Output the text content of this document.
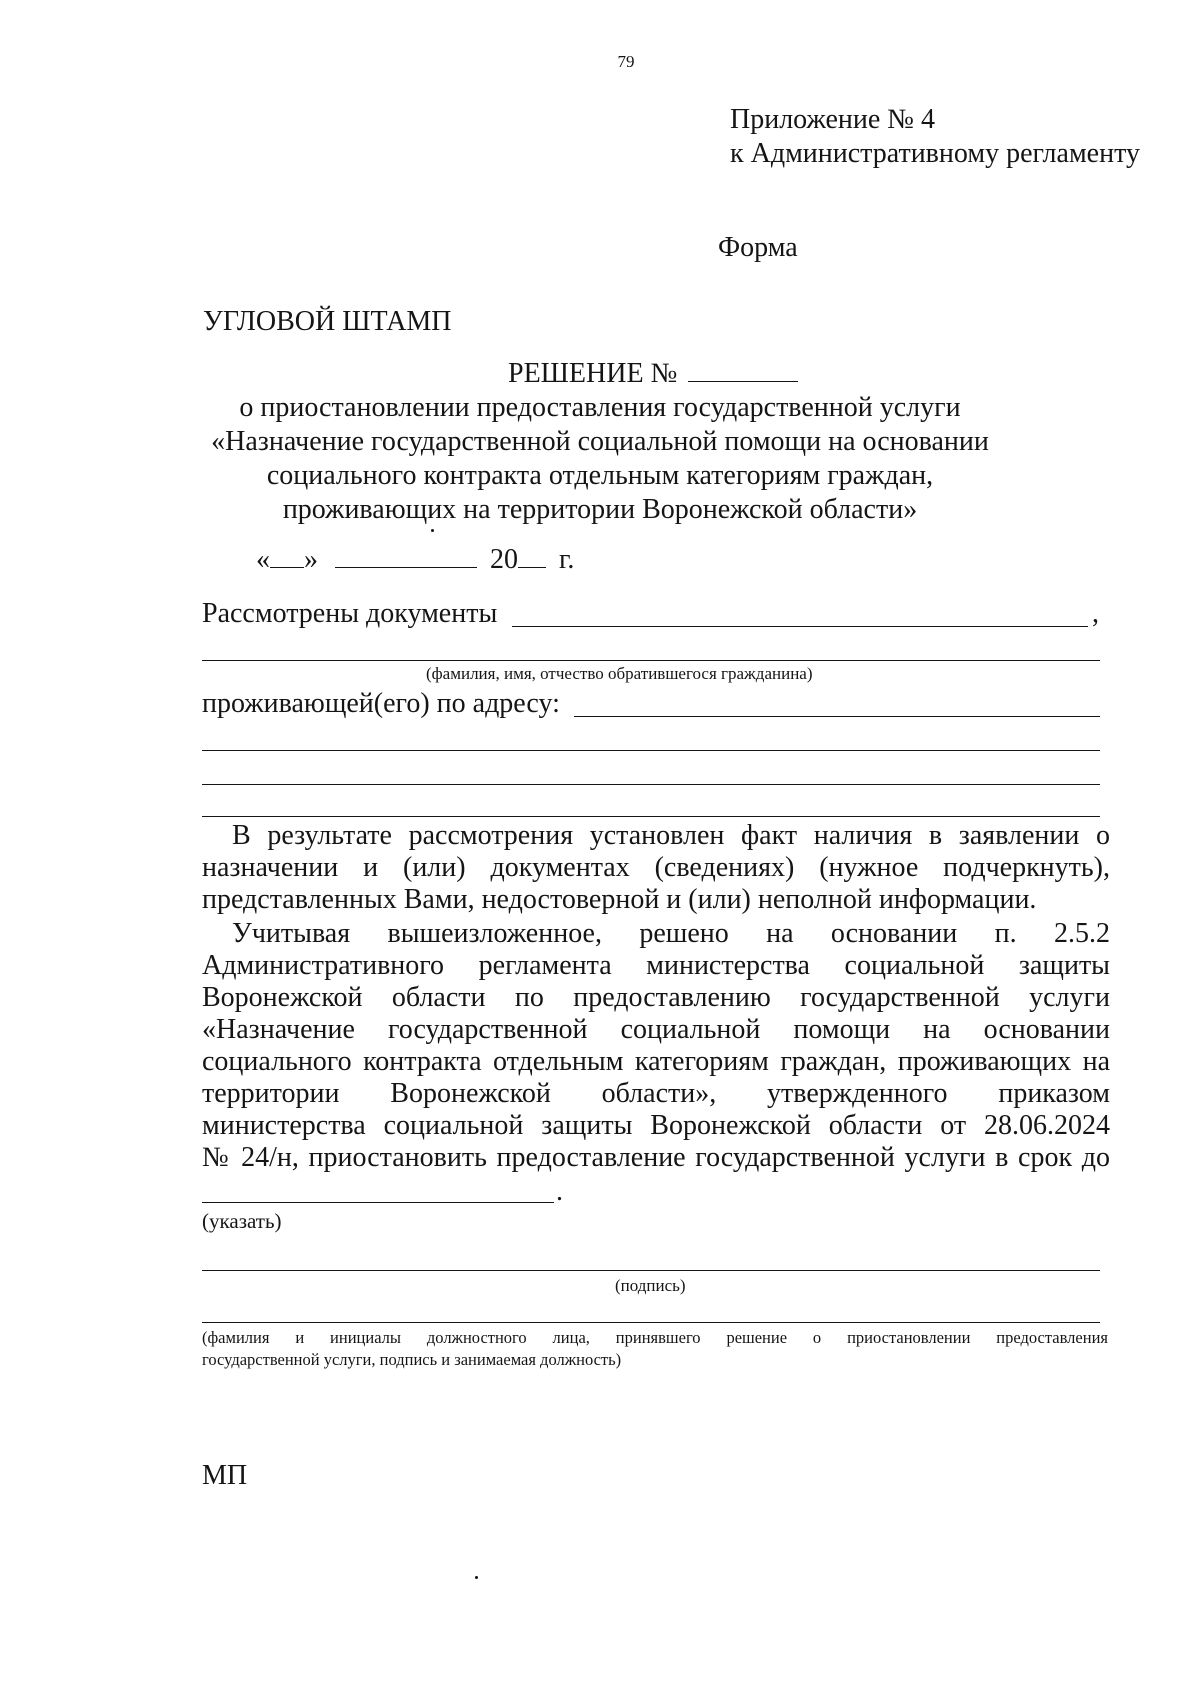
79
Приложение № 4
к Административному регламенту
Форма
УГЛОВОЙ ШТАМП
РЕШЕНИЕ №
о приостановлении предоставления государственной услуги
«Назначение государственной социальной помощи на основании
социального контракта отдельным категориям граждан,
проживающих на территории Воронежской области»
« »	20 г.
Рассмотрены документы	,
(фамилия, имя, отчество обратившегося гражданина)
проживающей(его) по адресу:
В результате рассмотрения установлен факт наличия в заявлении о
назначении и (или) документах (сведениях) (нужное подчеркнуть),
представленных Вами, недостоверной и (или) неполной информации.
Учитывая вышеизложенное, решено на основании п. 2.5.2
Административного регламента министерства социальной защиты
Воронежской области по предоставлению государственной услуги
«Назначение государственной социальной помощи на основании
социального контракта отдельным категориям граждан, проживающих на
территории Воронежской области», утвержденного приказом
министерства социальной защиты Воронежской области от 28.06.2024
№ 24/н, приостановить предоставление государственной услуги в срок до
.
(указать)
(подпись)
(фамилия и инициалы должностного лица, принявшего решение о приостановлении предоставления
государственной услуги, подпись и занимаемая должность)
МП
